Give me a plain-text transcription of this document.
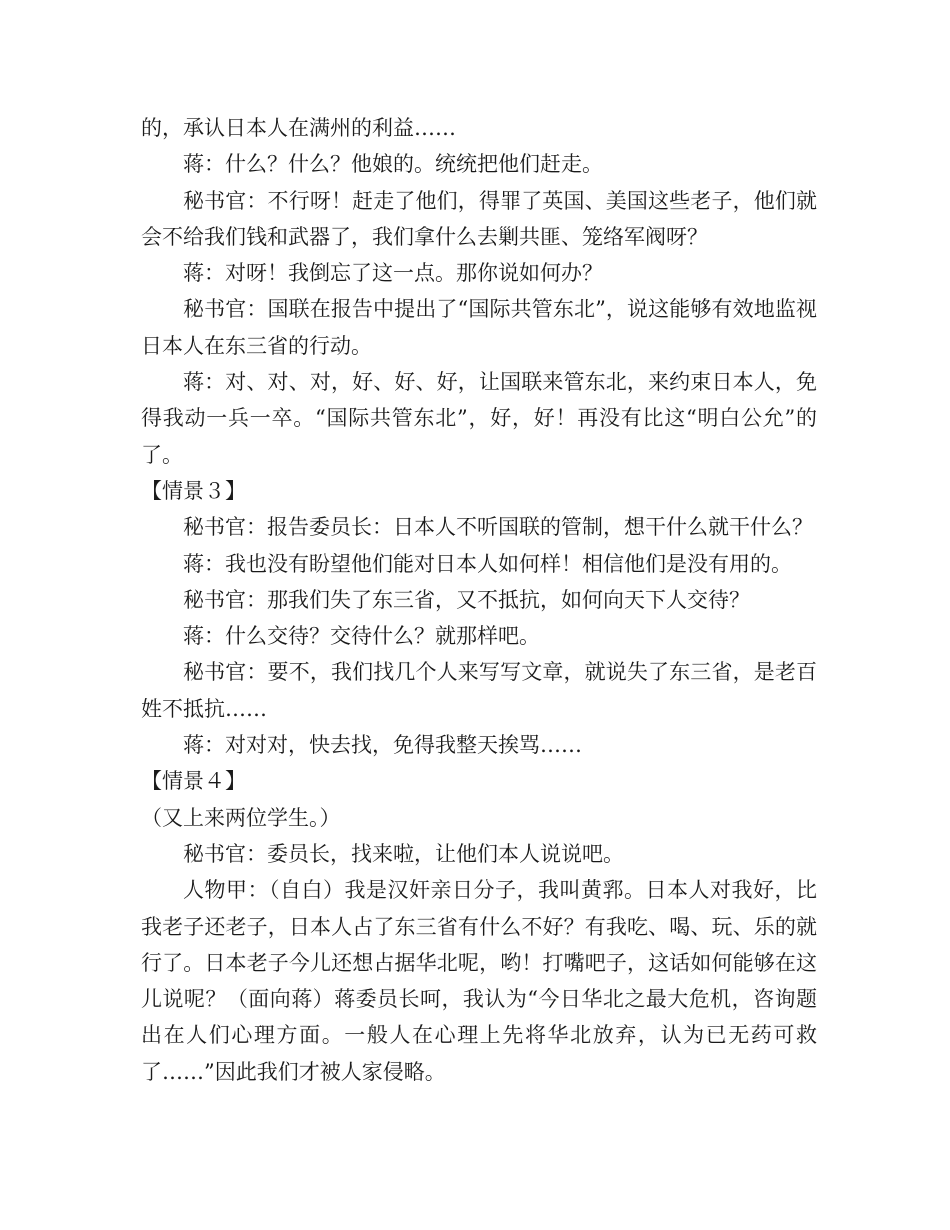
的，承认日本人在满州的利益……

蒋：什么？什么？他娘的。统统把他们赶走。

秘书官：不行呀！赶走了他们，得罪了英国、美国这些老子，他们就会不给我们钱和武器了，我们拿什么去剿共匪、笼络军阀呀？

蒋：对呀！我倒忘了这一点。那你说如何办？

秘书官：国联在报告中提出了“国际共管东北”，说这能够有效地监视日本人在东三省的行动。

蒋：对、对、对，好、好、好，让国联来管东北，来约束日本人，免得我动一兵一卒。“国际共管东北”，好，好！再没有比这“明白公允”的了。

【情景３】

秘书官：报告委员长：日本人不听国联的管制，想干什么就干什么？

蒋：我也没有盼望他们能对日本人如何样！相信他们是没有用的。

秘书官：那我们失了东三省，又不抵抗，如何向天下人交待？

蒋：什么交待？交待什么？就那样吧。

秘书官：要不，我们找几个人来写写文章，就说失了东三省，是老百姓不抵抗……

蒋：对对对，快去找，免得我整天挨骂……

【情景４】

（又上来两位学生。）

秘书官：委员长，找来啦，让他们本人说说吧。

人物甲：（自白）我是汉奸亲日分子，我叫黄郛。日本人对我好，比我老子还老子，日本人占了东三省有什么不好？有我吃、喝、玩、乐的就行了。日本老子今儿还想占据华北呢，哟！打嘴吧子，这话如何能够在这儿说呢？（面向蒋）蒋委员长呵，我认为“今日华北之最大危机，咨询题出在人们心理方面。一般人在心理上先将华北放弃，认为已无药可救了……”因此我们才被人家侵略。
